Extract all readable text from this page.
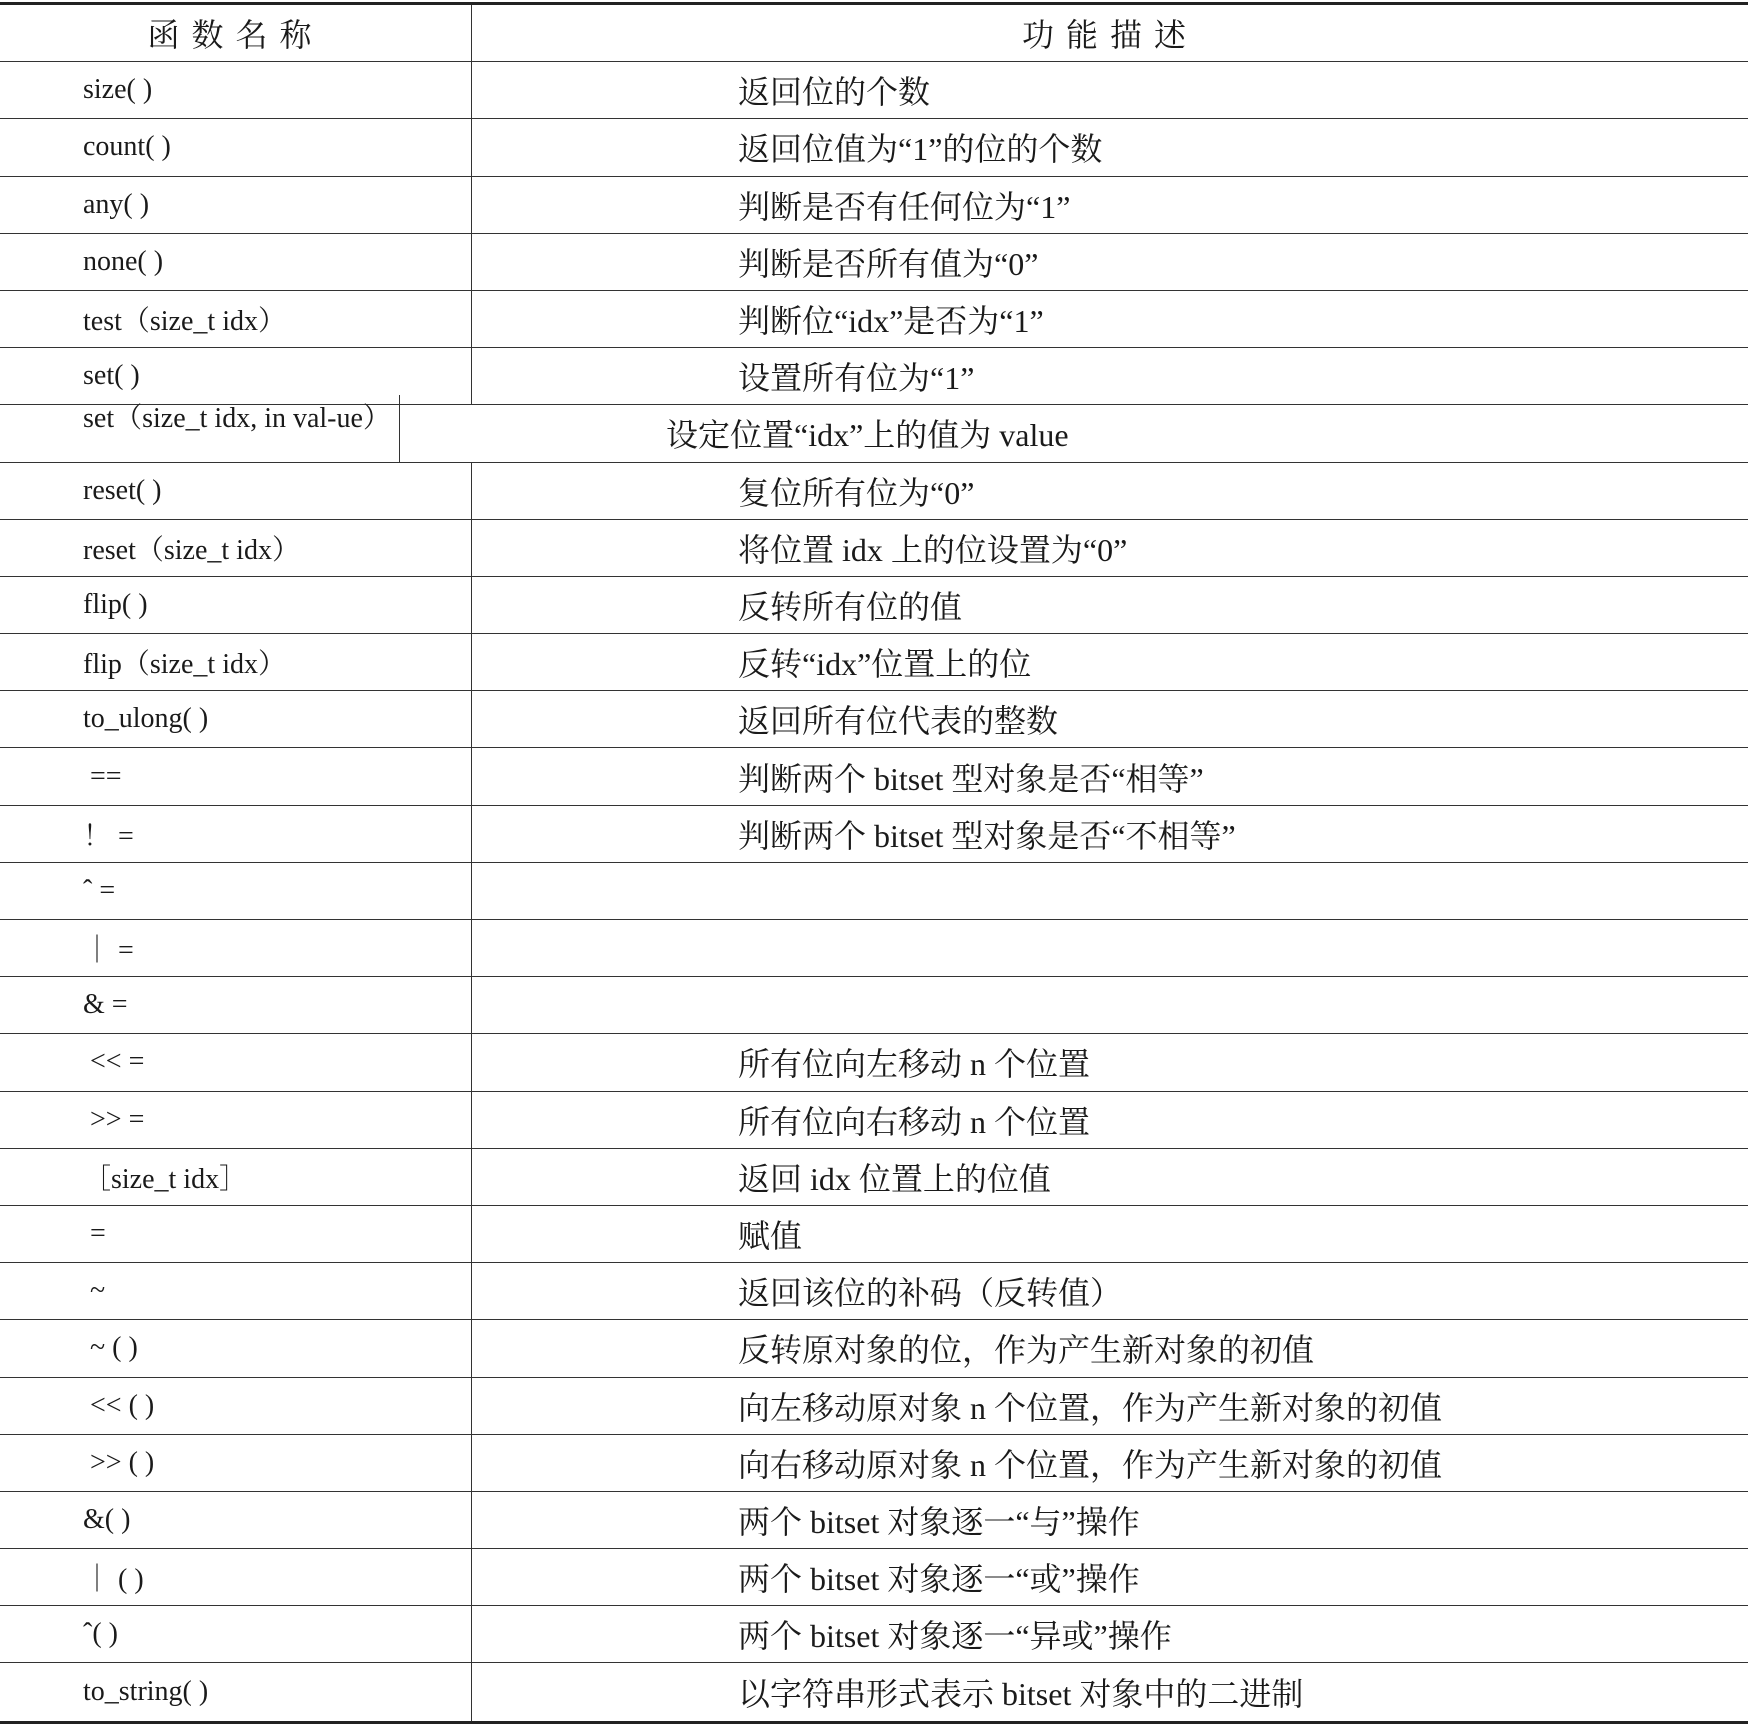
函数名称	功能描述
size( )	返回位的个数
count( )	返回位值为“1”的位的个数
any( )	判断是否有任何位为“1”
none( )	判断是否所有值为“0”
test（size_t idx）	判断位“idx”是否为“1”
set( )	设置所有位为“1”
set（size_t idx, in val-ue）	设定位置“idx”上的值为 value
reset( )	复位所有位为“0”
reset（size_t idx）	将位置 idx 上的位设置为“0”
flip( )	反转所有位的值
flip（size_t idx）	反转“idx”位置上的位
to_ulong( )	返回所有位代表的整数
==	判断两个 bitset 型对象是否“相等”
！ =	判断两个 bitset 型对象是否“不相等”
ˆ =
｜ =
& =
<< =	所有位向左移动 n 个位置
>> =	所有位向右移动 n 个位置
［size_t idx］	返回 idx 位置上的位值
=	赋值
~	返回该位的补码（反转值）
~ ( )	反转原对象的位，作为产生新对象的初值
<< ( )	向左移动原对象 n 个位置，作为产生新对象的初值
>> ( )	向右移动原对象 n 个位置，作为产生新对象的初值
&( )	两个 bitset 对象逐一“与”操作
｜ ( )	两个 bitset 对象逐一“或”操作
ˆ( )	两个 bitset 对象逐一“异或”操作
to_string( )	以字符串形式表示 bitset 对象中的二进制
